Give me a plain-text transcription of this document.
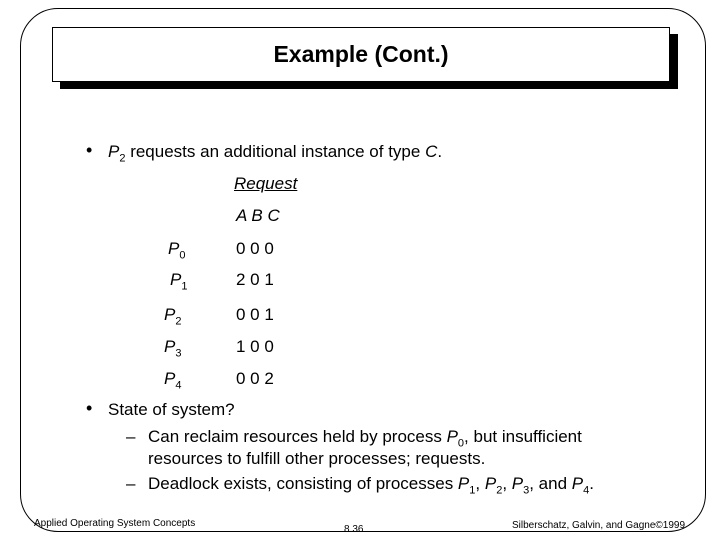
Example (Cont.)
• $P_2$ requests an additional instance of type C.
Request
A B C
$P_0$	0 0 0
$P_1$	2 0 1
$P_2$	0 0 1
$P_3$	1 0 0
$P_4$	0 0 2
• State of system?
– Can reclaim resources held by process $P_0$, but insufficient
resources to fulfill other processes; requests.
– Deadlock exists, consisting of processes $P_1$, $P_2$, $P_3$, and $P_4$.
Applied Operating System Concepts
8.36	Silberschatz, Galvin, and Gagne©1999
